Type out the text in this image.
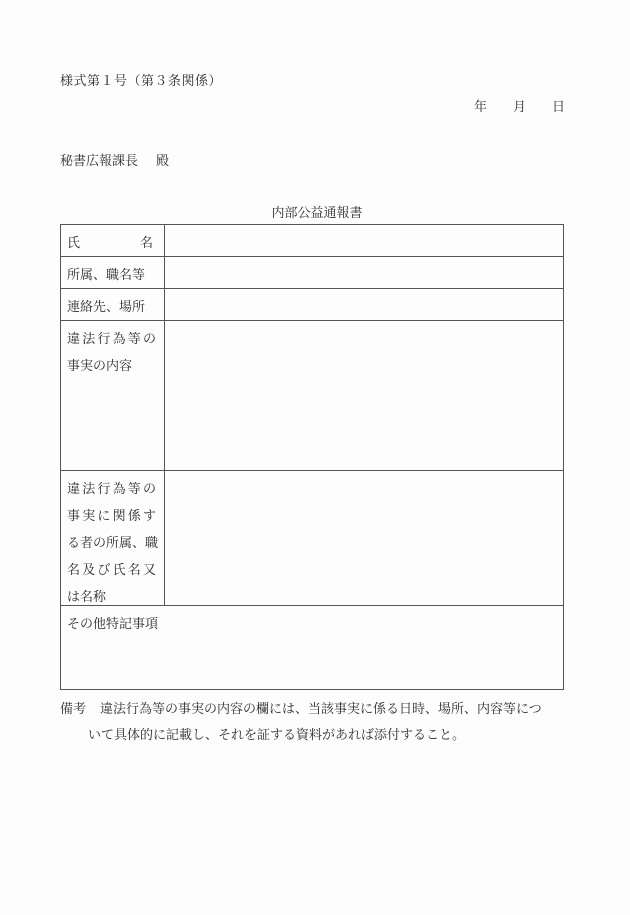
様式第１号（第３条関係）
年 月 日
秘書広報課長 殿
内部公益通報書
氏	名
所属、職名等
連絡先、場所
違法行為等の
事実の内容
違法行為等の
事実に関係す
る者の所属、職
名及び氏名又
は名称
その他特記事項
備考 違法行為等の事実の内容の欄には、当該事実に係る日時、場所、内容等につ
いて具体的に記載し、それを証する資料があれば添付すること。
